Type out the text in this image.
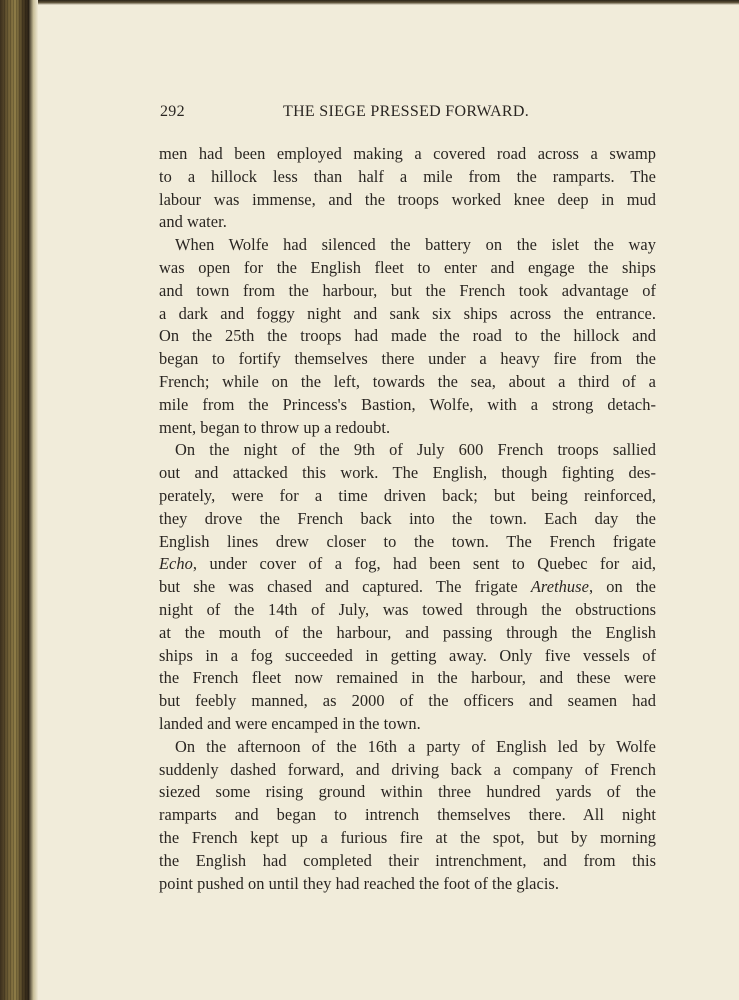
292	THE SIEGE PRESSED FORWARD.
men had been employed making a covered road across a swamp
to a hillock less than half a mile from the ramparts. The
labour was immense, and the troops worked knee deep in mud
and water.
When Wolfe had silenced the battery on the islet the way
was open for the English fleet to enter and engage the ships
and town from the harbour, but the French took advantage of
a dark and foggy night and sank six ships across the entrance.
On the 25th the troops had made the road to the hillock and
began to fortify themselves there under a heavy fire from the
French; while on the left, towards the sea, about a third of a
mile from the Princess's Bastion, Wolfe, with a strong detach-
ment, began to throw up a redoubt.
On the night of the 9th of July 600 French troops sallied
out and attacked this work. The English, though fighting des-
perately, were for a time driven back; but being reinforced,
they drove the French back into the town. Each day the
English lines drew closer to the town. The French frigate
Echo, under cover of a fog, had been sent to Quebec for aid,
but she was chased and captured. The frigate Arethuse, on the
night of the 14th of July, was towed through the obstructions
at the mouth of the harbour, and passing through the English
ships in a fog succeeded in getting away. Only five vessels of
the French fleet now remained in the harbour, and these were
but feebly manned, as 2000 of the officers and seamen had
landed and were encamped in the town.
On the afternoon of the 16th a party of English led by Wolfe
suddenly dashed forward, and driving back a company of French
siezed some rising ground within three hundred yards of the
ramparts and began to intrench themselves there. All night
the French kept up a furious fire at the spot, but by morning
the English had completed their intrenchment, and from this
point pushed on until they had reached the foot of the glacis.
